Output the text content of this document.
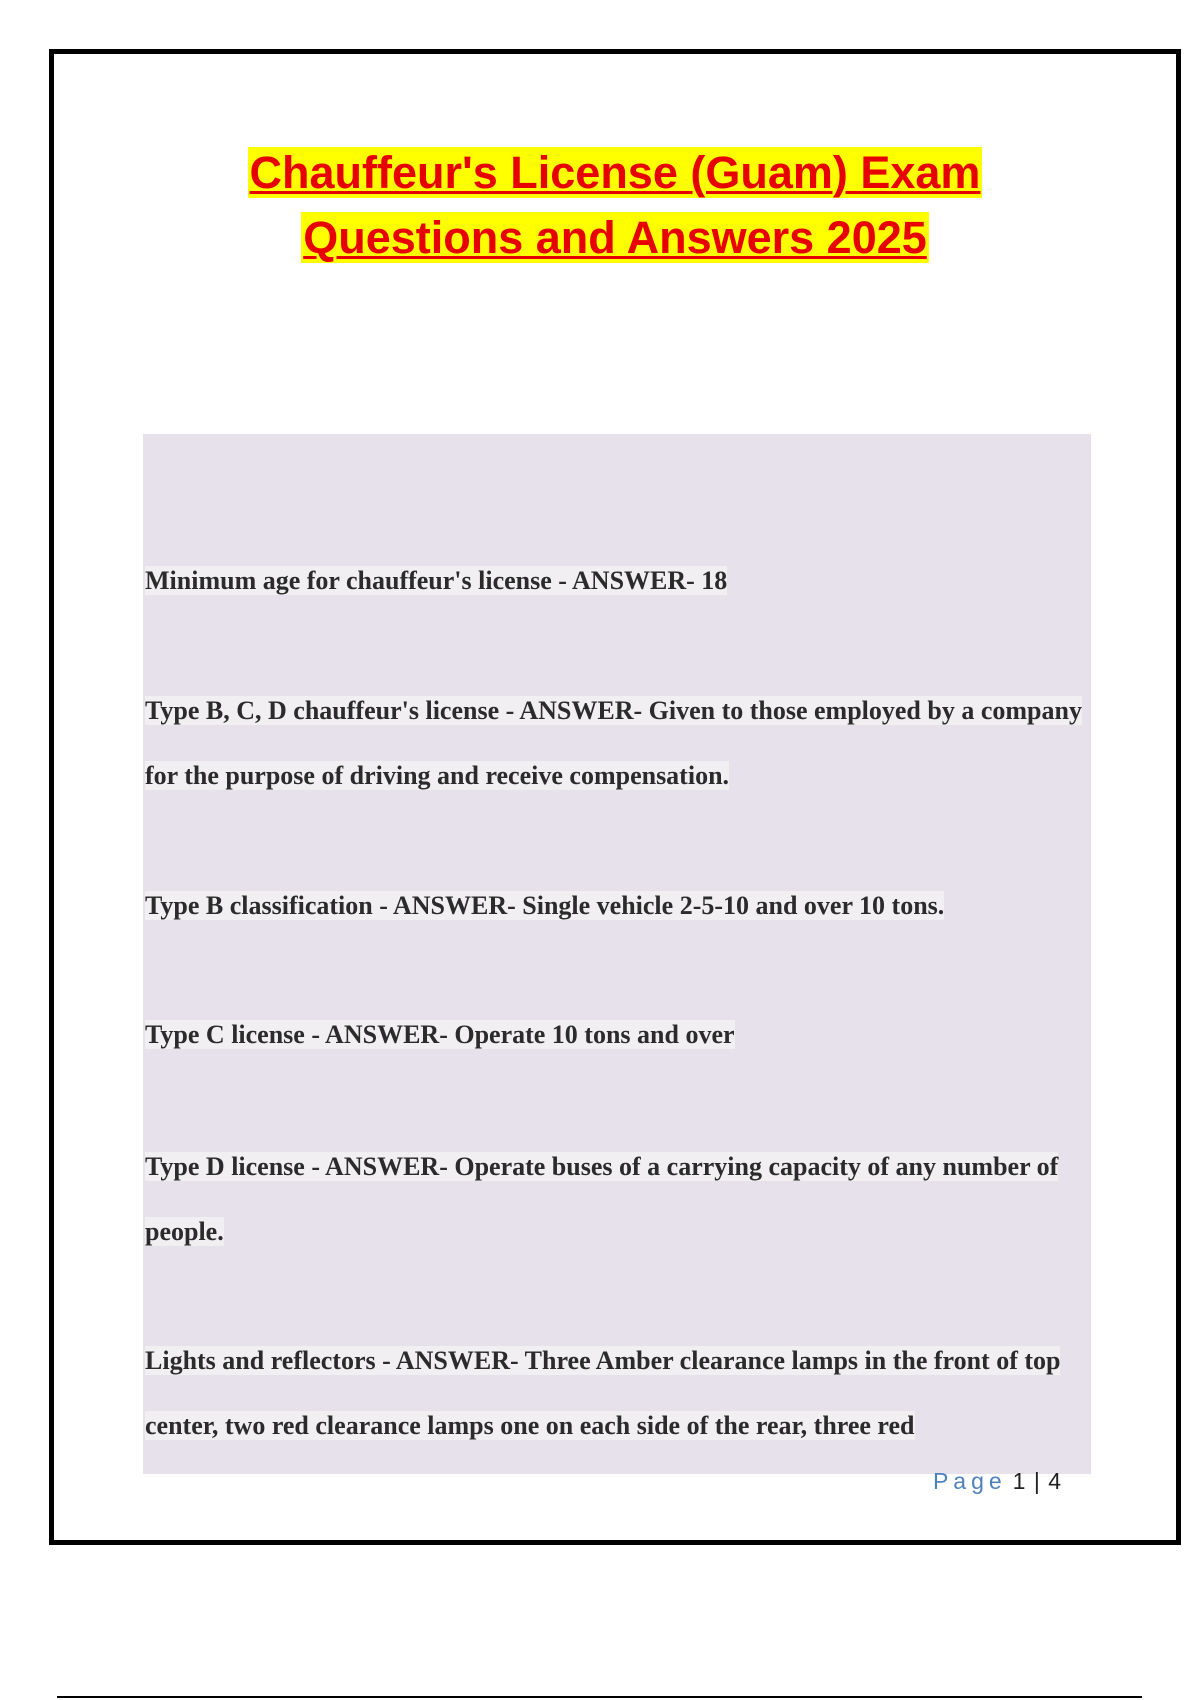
Chauffeur's License (Guam) Exam
Questions and Answers 2025
Minimum age for chauffeur's license - ANSWER- 18
Type B, C, D chauffeur's license - ANSWER- Given to those employed by a company for the purpose of driving and receive compensation.
Type B classification - ANSWER- Single vehicle 2-5-10 and over 10 tons.
Type C license - ANSWER- Operate 10 tons and over
Type D license - ANSWER- Operate buses of a carrying capacity of any number of people.
Lights and reflectors - ANSWER- Three Amber clearance lamps in the front of top center, two red clearance lamps one on each side of the rear, three red
Page 1 | 4
